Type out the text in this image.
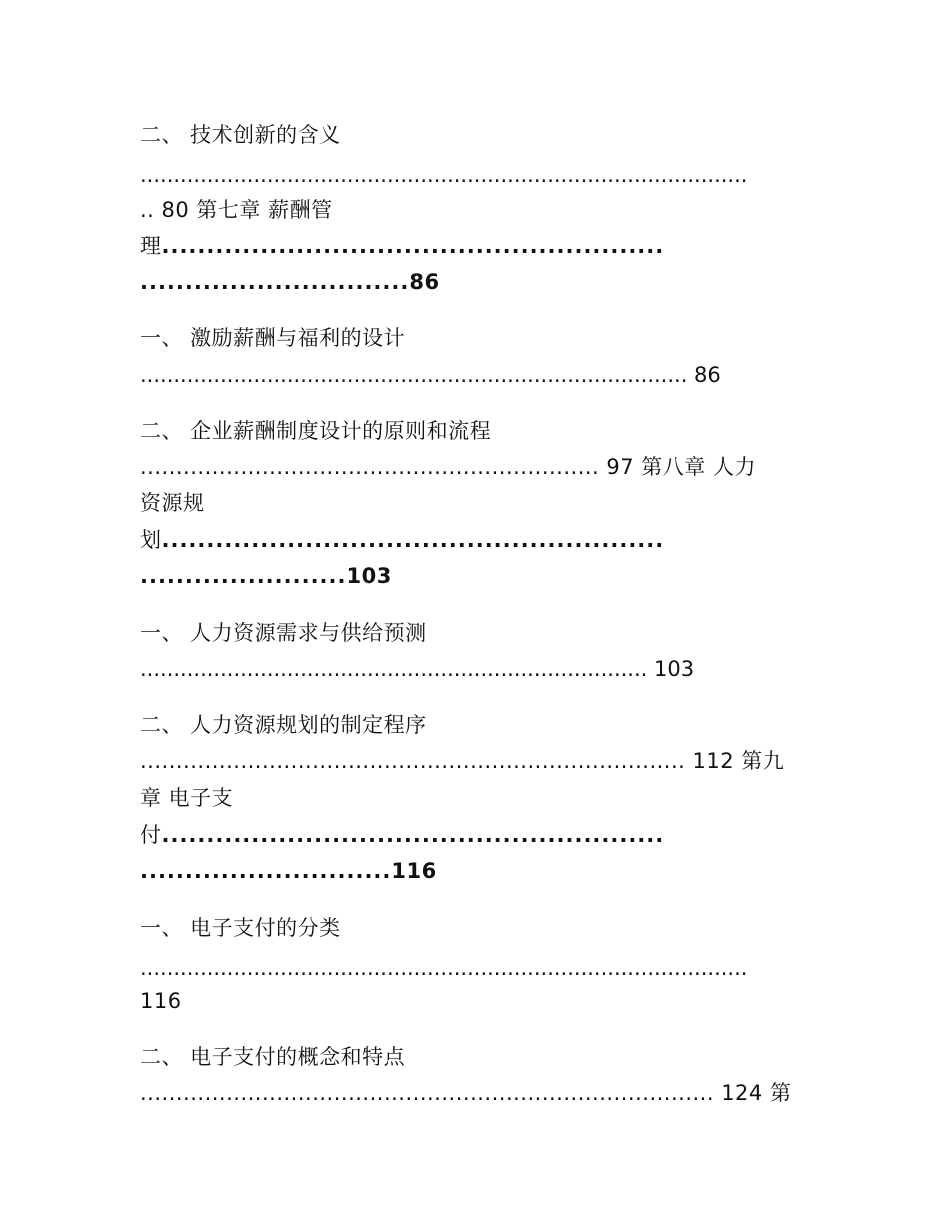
二、 技术创新的含义
...........................................................................................
.. 80 第七章 薪酬管
理........................................................
..............................86
一、 激励薪酬与福利的设计
.................................................................................. 86
二、 企业薪酬制度设计的原则和流程
................................................................ 97 第八章 人力
资源规
划........................................................
.......................103
一、 人力资源需求与供给预测
............................................................................ 103
二、 人力资源规划的制定程序
............................................................................ 112 第九
章 电子支
付........................................................
............................116
一、 电子支付的分类
...........................................................................................
116
二、 电子支付的概念和特点
................................................................................ 124 第
